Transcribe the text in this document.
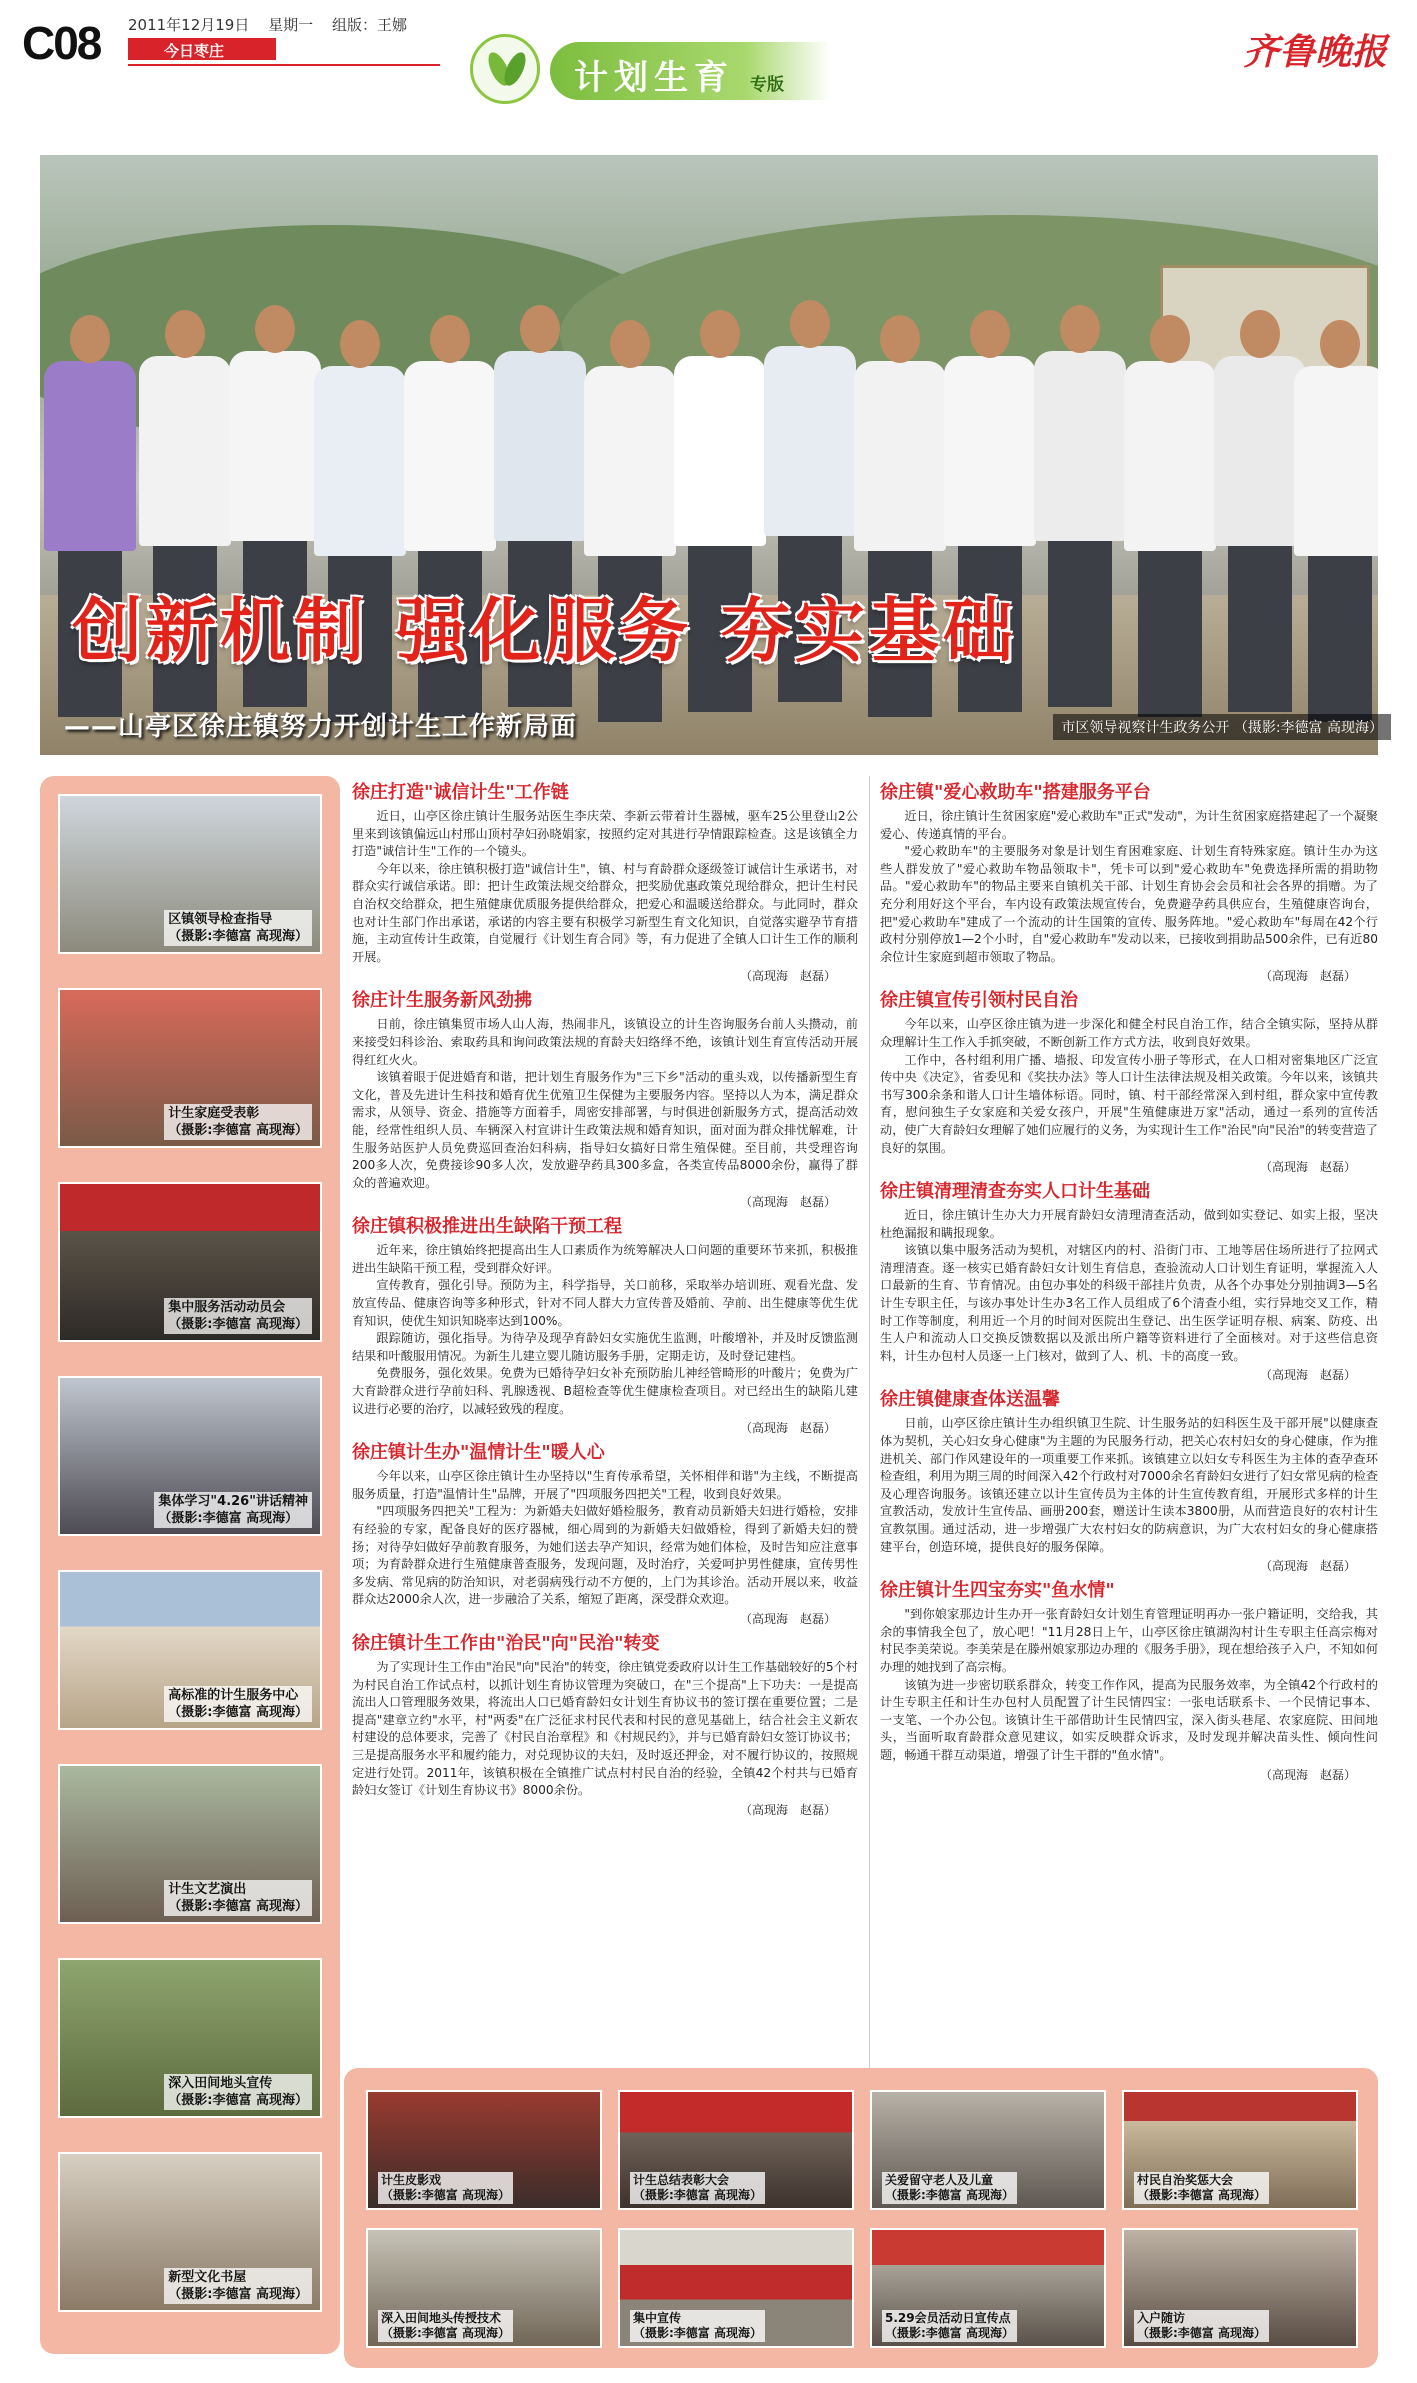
C08 2011年12月19日 星期一 组版：王娜
今日枣庄
计划生育 专版
齐鲁晚报
创新机制 强化服务 夯实基础
——山亭区徐庄镇努力开创计生工作新局面	市区领导视察计生政务公开 （摄影:李德富 高现海）
区镇领导检查指导
（摄影:李德富 高现海）
计生家庭受表彰
（摄影:李德富 高现海）
集中服务活动动员会
（摄影:李德富 高现海）
集体学习"4.26"讲话精神
（摄影:李德富 高现海）
高标准的计生服务中心
（摄影:李德富 高现海）
计生文艺演出
（摄影:李德富 高现海）
深入田间地头宣传
（摄影:李德富 高现海）
新型文化书屋
（摄影:李德富 高现海）
徐庄打造"诚信计生"工作链

近日，山亭区徐庄镇计生服务站医生李庆荣、李新云带着计生器械，驱车25公里登山2公里来到该镇偏远山村邢山顶村孕妇孙晓娟家，按照约定对其进行孕情跟踪检查。这是该镇全力打造"诚信计生"工作的一个镜头。

今年以来，徐庄镇积极打造"诚信计生"，镇、村与育龄群众逐级签订诚信计生承诺书，对群众实行诚信承诺。即：把计生政策法规交给群众，把奖励优惠政策兑现给群众，把计生村民自治权交给群众，把生殖健康优质服务提供给群众，把爱心和温暖送给群众。与此同时，群众也对计生部门作出承诺，承诺的内容主要有积极学习新型生育文化知识，自觉落实避孕节育措施，主动宣传计生政策，自觉履行《计划生育合同》等，有力促进了全镇人口计生工作的顺利开展。

（高现海　赵磊）
徐庄计生服务新风劲拂

日前，徐庄镇集贸市场人山人海，热闹非凡，该镇设立的计生咨询服务台前人头攒动，前来接受妇科诊治、索取药具和询问政策法规的育龄夫妇络绎不绝，该镇计划生育宣传活动开展得红红火火。

该镇着眼于促进婚育和谐，把计划生育服务作为"三下乡"活动的重头戏，以传播新型生育文化，普及先进计生科技和婚育优生优殖卫生保健为主要服务内容。坚持以人为本，满足群众需求，从领导、资金、措施等方面着手，周密安排部署，与时俱进创新服务方式，提高活动效能，经常性组织人员、车辆深入村宣讲计生政策法规和婚育知识，面对面为群众排忧解难，计生服务站医护人员免费巡回查治妇科病，指导妇女搞好日常生殖保健。至目前，共受理咨询200多人次，免费接诊90多人次，发放避孕药具300多盒，各类宣传品8000余份，赢得了群众的普遍欢迎。

（高现海　赵磊）
徐庄镇积极推进出生缺陷干预工程

近年来，徐庄镇始终把提高出生人口素质作为统筹解决人口问题的重要环节来抓，积极推进出生缺陷干预工程，受到群众好评。

宣传教育，强化引导。预防为主，科学指导，关口前移，采取举办培训班、观看光盘、发放宣传品、健康咨询等多种形式，针对不同人群大力宣传普及婚前、孕前、出生健康等优生优育知识，使优生知识知晓率达到100%。

跟踪随访，强化指导。为待孕及现孕育龄妇女实施优生监测，叶酸增补，并及时反馈监测结果和叶酸服用情况。为新生儿建立婴儿随访服务手册，定期走访，及时登记建档。

免费服务，强化效果。免费为已婚待孕妇女补充预防胎儿神经管畸形的叶酸片；免费为广大育龄群众进行孕前妇科、乳腺透视、B超检查等优生健康检查项目。对已经出生的缺陷儿建议进行必要的治疗，以减轻致残的程度。

（高现海　赵磊）
徐庄镇计生办"温情计生"暖人心

今年以来，山亭区徐庄镇计生办坚持以"生育传承希望，关怀相伴和谐"为主线，不断提高服务质量，打造"温情计生"品牌，开展了"四项服务四把关"工程，收到良好效果。

"四项服务四把关"工程为：为新婚夫妇做好婚检服务，教育动员新婚夫妇进行婚检，安排有经验的专家，配备良好的医疗器械，细心周到的为新婚夫妇做婚检，得到了新婚夫妇的赞扬；对待孕妇做好孕前教育服务，为她们送去孕产知识，经常为她们体检，及时告知应注意事项；为育龄群众进行生殖健康普查服务，发现问题，及时治疗，关爱呵护男性健康，宣传男性多发病、常见病的防治知识，对老弱病残行动不方便的，上门为其诊治。活动开展以来，收益群众达2000余人次，进一步融洽了关系，缩短了距离，深受群众欢迎。

（高现海　赵磊）
徐庄镇计生工作由"治民"向"民治"转变

为了实现计生工作由"治民"向"民治"的转变，徐庄镇党委政府以计生工作基础较好的5个村为村民自治工作试点村，以抓计划生育协议管理为突破口，在"三个提高"上下功夫：一是提高流出人口管理服务效果，将流出人口已婚育龄妇女计划生育协议书的签订摆在重要位置；二是提高"建章立约"水平，村"两委"在广泛征求村民代表和村民的意见基础上，结合社会主义新农村建设的总体要求，完善了《村民自治章程》和《村规民约》，并与已婚育龄妇女签订协议书；三是提高服务水平和履约能力，对兑现协议的夫妇，及时返还押金，对不履行协议的，按照规定进行处罚。2011年，该镇积极在全镇推广试点村村民自治的经验，全镇42个村共与已婚育龄妇女签订《计划生育协议书》8000余份。

（高现海　赵磊）
徐庄镇"爱心救助车"搭建服务平台

近日，徐庄镇计生贫困家庭"爱心救助车"正式"发动"，为计生贫困家庭搭建起了一个凝聚爱心、传递真情的平台。

"爱心救助车"的主要服务对象是计划生育困难家庭、计划生育特殊家庭。镇计生办为这些人群发放了"爱心救助车物品领取卡"，凭卡可以到"爱心救助车"免费选择所需的捐助物品。"爱心救助车"的物品主要来自镇机关干部、计划生育协会会员和社会各界的捐赠。为了充分利用好这个平台，车内设有政策法规宣传台，免费避孕药具供应台，生殖健康咨询台，把"爱心救助车"建成了一个流动的计生国策的宣传、服务阵地。"爱心救助车"每周在42个行政村分别停放1—2个小时，自"爱心救助车"发动以来，已接收到捐助品500余件，已有近80余位计生家庭到超市领取了物品。

（高现海　赵磊）
徐庄镇宣传引领村民自治

今年以来，山亭区徐庄镇为进一步深化和健全村民自治工作，结合全镇实际，坚持从群众理解计生工作入手抓突破，不断创新工作方式方法，收到良好效果。

工作中，各村组利用广播、墙报、印发宣传小册子等形式，在人口相对密集地区广泛宣传中央《决定》，省委见和《奖扶办法》等人口计生法律法规及相关政策。今年以来，该镇共书写300余条和谐人口计生墙体标语。同时，镇、村干部经常深入到村组，群众家中宣传教育，慰问独生子女家庭和关爱女孩户，开展"生殖健康进万家"活动，通过一系列的宣传活动，使广大育龄妇女理解了她们应履行的义务，为实现计生工作"治民"向"民治"的转变营造了良好的氛围。

（高现海　赵磊）
徐庄镇清理清查夯实人口计生基础

近日，徐庄镇计生办大力开展育龄妇女清理清查活动，做到如实登记、如实上报，坚决杜绝漏报和瞒报现象。

该镇以集中服务活动为契机，对辖区内的村、沿街门市、工地等居住场所进行了拉网式清理清查。逐一核实已婚育龄妇女计划生育信息，查验流动人口计划生育证明，掌握流入人口最新的生育、节育情况。由包办事处的科级干部挂片负责，从各个办事处分别抽调3—5名计生专职主任，与该办事处计生办3名工作人员组成了6个清查小组，实行异地交叉工作，精时工作等制度，利用近一个月的时间对医院出生登记、出生医学证明存根、病案、防疫、出生人户和流动人口交换反馈数据以及派出所户籍等资料进行了全面核对。对于这些信息资料，计生办包村人员逐一上门核对，做到了人、机、卡的高度一致。

（高现海　赵磊）
徐庄镇健康查体送温馨

日前，山亭区徐庄镇计生办组织镇卫生院、计生服务站的妇科医生及干部开展"以健康查体为契机，关心妇女身心健康"为主题的为民服务行动，把关心农村妇女的身心健康，作为推进机关、部门作风建设年的一项重要工作来抓。该镇建立以妇女专科医生为主体的查孕查环检查组，利用为期三周的时间深入42个行政村对7000余名育龄妇女进行了妇女常见病的检查及心理咨询服务。该镇还建立以计生宣传员为主体的计生宣传教育组，开展形式多样的计生宣教活动，发放计生宣传品、画册200套，赠送计生读本3800册，从而营造良好的农村计生宣教氛围。通过活动，进一步增强广大农村妇女的防病意识，为广大农村妇女的身心健康搭建平台，创造环境，提供良好的服务保障。

（高现海　赵磊）
徐庄镇计生四宝夯实"鱼水情"

"到你娘家那边计生办开一张育龄妇女计划生育管理证明再办一张户籍证明，交给我，其余的事情我全包了，放心吧！"11月28日上午，山亭区徐庄镇湖沟村计生专职主任高宗梅对村民李美荣说。李美荣是在滕州娘家那边办理的《服务手册》，现在想给孩子入户，不知如何办理的她找到了高宗梅。

该镇为进一步密切联系群众，转变工作作风，提高为民服务效率，为全镇42个行政村的计生专职主任和计生办包村人员配置了计生民情四宝：一张电话联系卡、一个民情记事本、一支笔、一个办公包。该镇计生干部借助计生民情四宝，深入街头巷尾、农家庭院、田间地头，当面听取育龄群众意见建议，如实反映群众诉求，及时发现并解决苗头性、倾向性问题，畅通干群互动渠道，增强了计生干群的"鱼水情"。

（高现海　赵磊）
计生皮影戏
（摄影:李德富 高现海）
计生总结表彰大会
（摄影:李德富 高现海）
关爱留守老人及儿童
（摄影:李德富 高现海）
村民自治奖惩大会
（摄影:李德富 高现海）
深入田间地头传授技术
（摄影:李德富 高现海）
集中宣传
（摄影:李德富 高现海）
5.29会员活动日宣传点
（摄影:李德富 高现海）
入户随访
（摄影:李德富 高现海）
